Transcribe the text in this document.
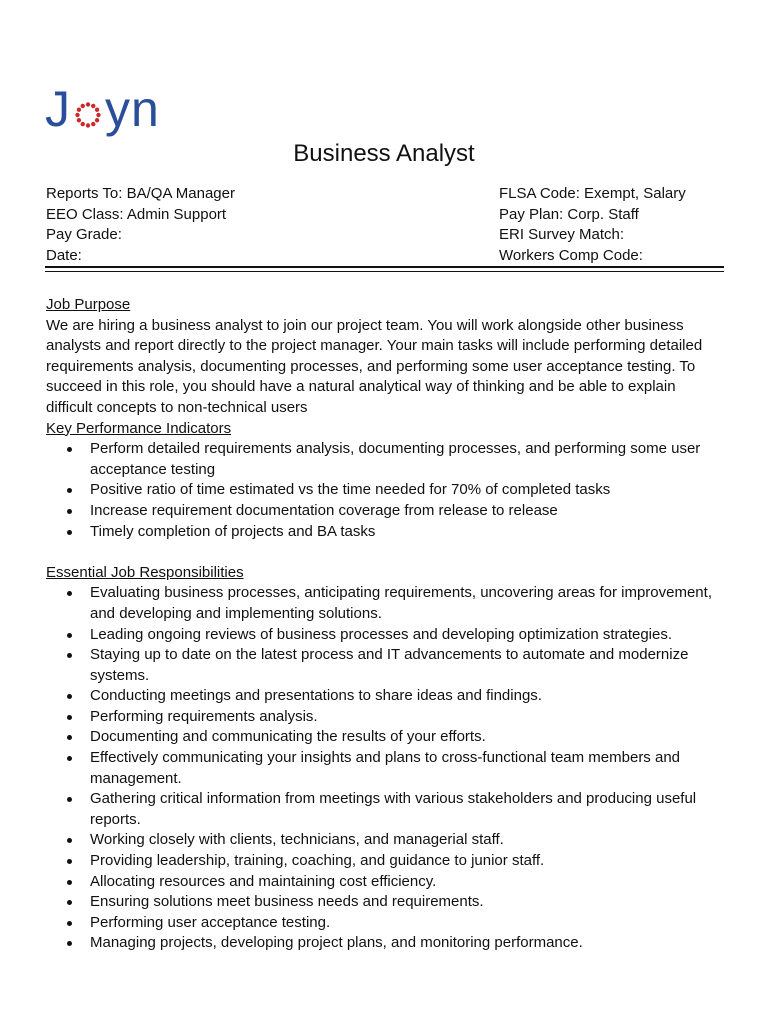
J yn
Business Analyst
Reports To: BA/QA Manager
EEO Class: Admin Support
Pay Grade:
Date:
FLSA Code: Exempt, Salary
Pay Plan: Corp. Staff
ERI Survey Match:
Workers Comp Code:
Job Purpose

We are hiring a business analyst to join our project team. You will work alongside other business analysts and report directly to the project manager. Your main tasks will include performing detailed requirements analysis, documenting processes, and performing some user acceptance testing. To succeed in this role, you should have a natural analytical way of thinking and be able to explain difficult concepts to non-technical users

Key Performance Indicators
Perform detailed requirements analysis, documenting processes, and performing some user acceptance testing
Positive ratio of time estimated vs the time needed for 70% of completed tasks
Increase requirement documentation coverage from release to release
Timely completion of projects and BA tasks
Essential Job Responsibilities
Evaluating business processes, anticipating requirements, uncovering areas for improvement, and developing and implementing solutions.
Leading ongoing reviews of business processes and developing optimization strategies.
Staying up to date on the latest process and IT advancements to automate and modernize systems.
Conducting meetings and presentations to share ideas and findings.
Performing requirements analysis.
Documenting and communicating the results of your efforts.
Effectively communicating your insights and plans to cross-functional team members and management.
Gathering critical information from meetings with various stakeholders and producing useful reports.
Working closely with clients, technicians, and managerial staff.
Providing leadership, training, coaching, and guidance to junior staff.
Allocating resources and maintaining cost efficiency.
Ensuring solutions meet business needs and requirements.
Performing user acceptance testing.
Managing projects, developing project plans, and monitoring performance.
